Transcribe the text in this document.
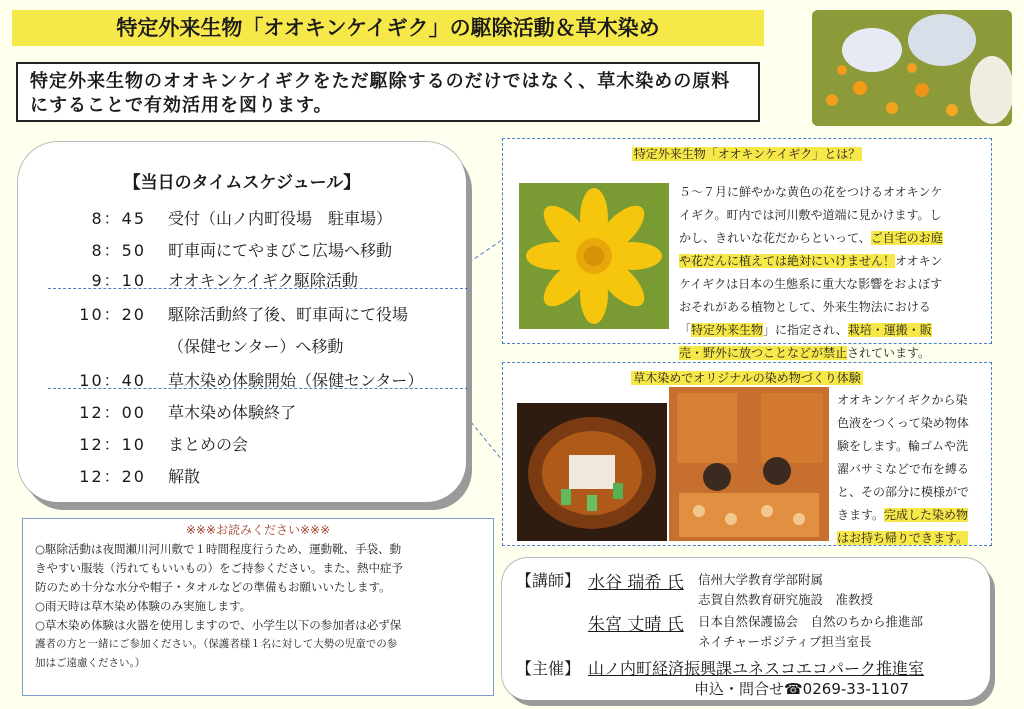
特定外来生物「オオキンケイギク」の駆除活動＆草木染め
特定外来生物のオオキンケイギクをただ駆除するのだけではなく、草木染めの原料にすることで有効活用を図ります。
【当日のタイムスケジュール】
8：45 受付（山ノ内町役場　駐車場）
8：50 町車両にてやまびこ広場へ移動
9：10 オオキンケイギク駆除活動
10：20 駆除活動終了後、町車両にて役場
（保健センター）へ移動
10：40 草木染め体験開始（保健センター）
12：00 草木染め体験終了
12：10 まとめの会
12：20 解散
※※※お読みください※※※
○駆除活動は夜間瀬川河川敷で１時間程度行うため、運動靴、手袋、動
きやすい服装（汚れてもいいもの）をご持参ください。また、熱中症予
防のため十分な水分や帽子・タオルなどの準備もお願いいたします。
○雨天時は草木染め体験のみ実施します。
○草木染め体験は火器を使用しますので、小学生以下の参加者は必ず保
護者の方と一緒にご参加ください。（保護者様１名に対して大勢の児童での参
加はご遠慮ください。）
特定外来生物「オオキンケイギク」とは？
５～７月に鮮やかな黄色の花をつけるオオキンケ
イギク。町内では河川敷や道端に見かけます。し
かし、きれいな花だからといって、ご自宅のお庭
や花だんに植えては絶対にいけません！オオキン
ケイギクは日本の生態系に重大な影響をおよぼす
おそれがある植物として、外来生物法における
「特定外来生物」に指定され、栽培・運搬・販
売・野外に放つことなどが禁止されています。
草木染めでオリジナルの染め物づくり体験
オオキンケイギクから染
色液をつくって染め物体
験をします。輪ゴムや洗
濯バサミなどで布を縛る
と、その部分に模様がで
きます。完成した染め物
はお持ち帰りできます。
【講師】 水谷 瑞希 氏 信州大学教育学部附属
志賀自然教育研究施設　准教授
朱宮 丈晴 氏 日本自然保護協会　自然のちから推進部
ネイチャーポジティブ担当室長
【主催】 山ノ内町経済振興課ユネスコエコパーク推進室
申込・問合せ☎0269-33-1107
